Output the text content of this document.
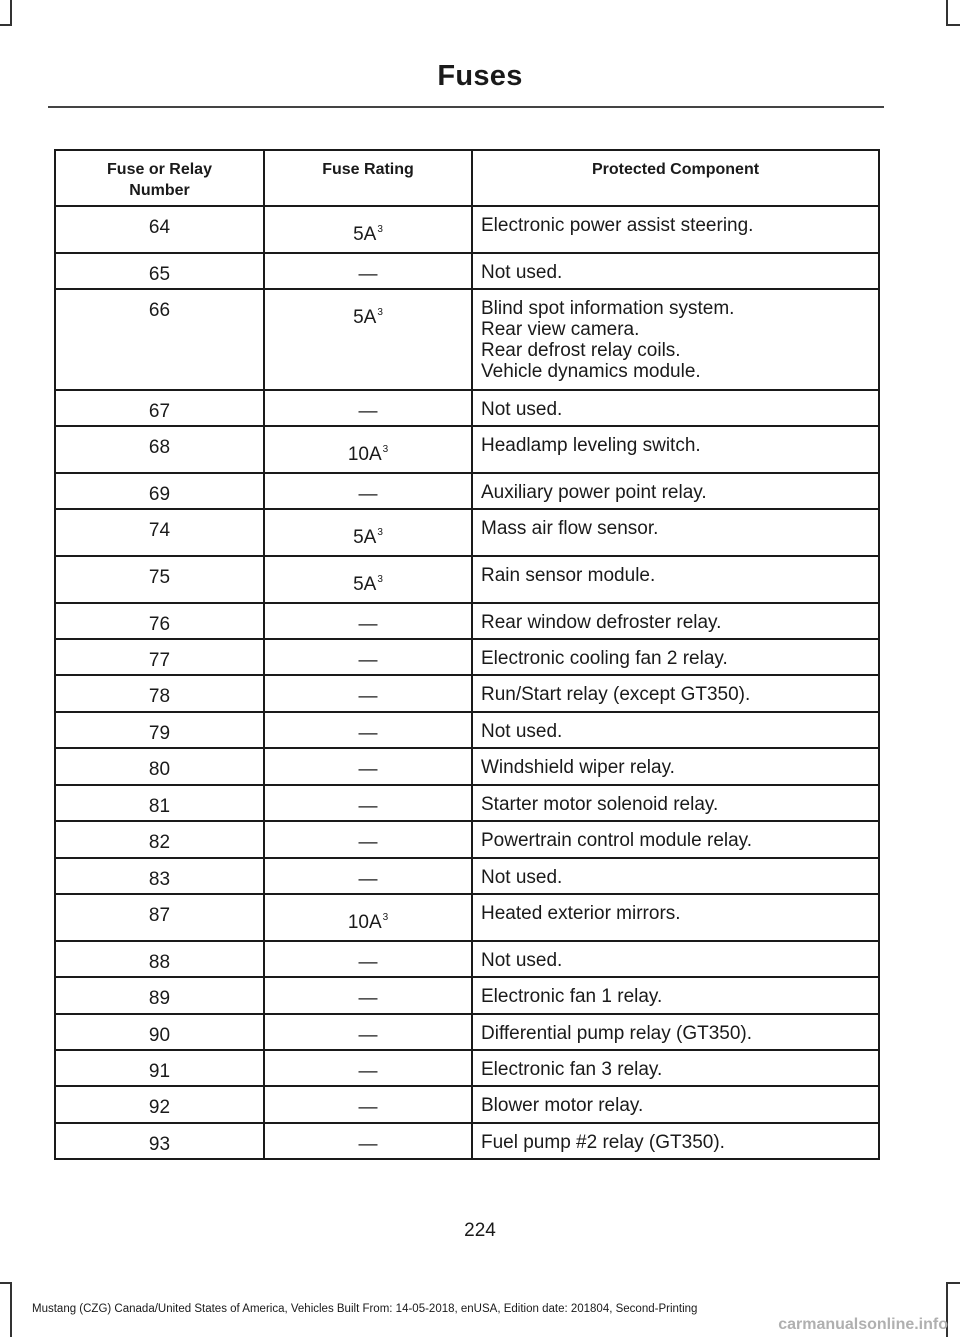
Fuses
Fuse or Relay Number	Fuse Rating	Protected Component
64	$5A^3$	Electronic power assist steering.

65	—	Not used.

66	$5A^3$	Blind spot information system.
Rear view camera.
Rear defrost relay coils.
Vehicle dynamics module.

67	—	Not used.

68	$10A^3$	Headlamp leveling switch.

69	—	Auxiliary power point relay.

74	$5A^3$	Mass air flow sensor.

75	$5A^3$	Rain sensor module.

76	—	Rear window defroster relay.

77	—	Electronic cooling fan 2 relay.

78	—	Run/Start relay (except GT350).

79	—	Not used.

80	—	Windshield wiper relay.

81	—	Starter motor solenoid relay.

82	—	Powertrain control module relay.

83	—	Not used.

87	$10A^3$	Heated exterior mirrors.

88	—	Not used.

89	—	Electronic fan 1 relay.

90	—	Differential pump relay (GT350).

91	—	Electronic fan 3 relay.

92	—	Blower motor relay.

93	—	Fuel pump #2 relay (GT350).
224
Mustang (CZG) Canada/United States of America, Vehicles Built From: 14-05-2018, enUSA, Edition date: 201804, Second-Printing
carmanualsonline.info
